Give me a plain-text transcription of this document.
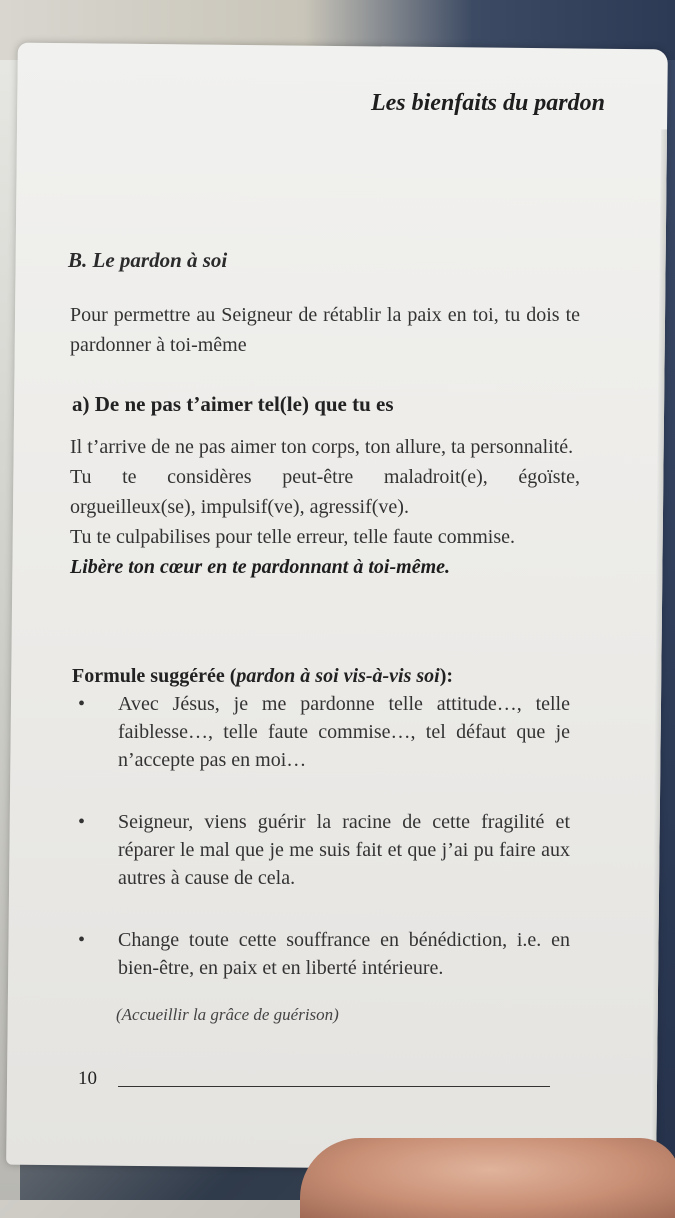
Les bienfaits du pardon
B. Le pardon à soi
Pour permettre au Seigneur de rétablir la paix en toi, tu dois te pardonner à toi-même
a) De ne pas t’aimer tel(le) que tu es
Il t’arrive de ne pas aimer ton corps, ton allure, ta personnalité.
Tu te considères peut-être maladroit(e), égoïste, orgueilleux(se), impulsif(ve), agressif(ve).
Tu te culpabilises pour telle erreur, telle faute commise.
Libère ton cœur en te pardonnant à toi-même.
Formule suggérée (pardon à soi vis-à-vis soi):
• Avec Jésus, je me pardonne telle attitude…, telle faiblesse…, telle faute commise…, tel défaut que je n’accepte pas en moi…
• Seigneur, viens guérir la racine de cette fragilité et réparer le mal que je me suis fait et que j’ai pu faire aux autres à cause de cela.
• Change toute cette souffrance en bénédiction, i.e. en bien-être, en paix et en liberté intérieure.
(Accueillir la grâce de guérison)
10
